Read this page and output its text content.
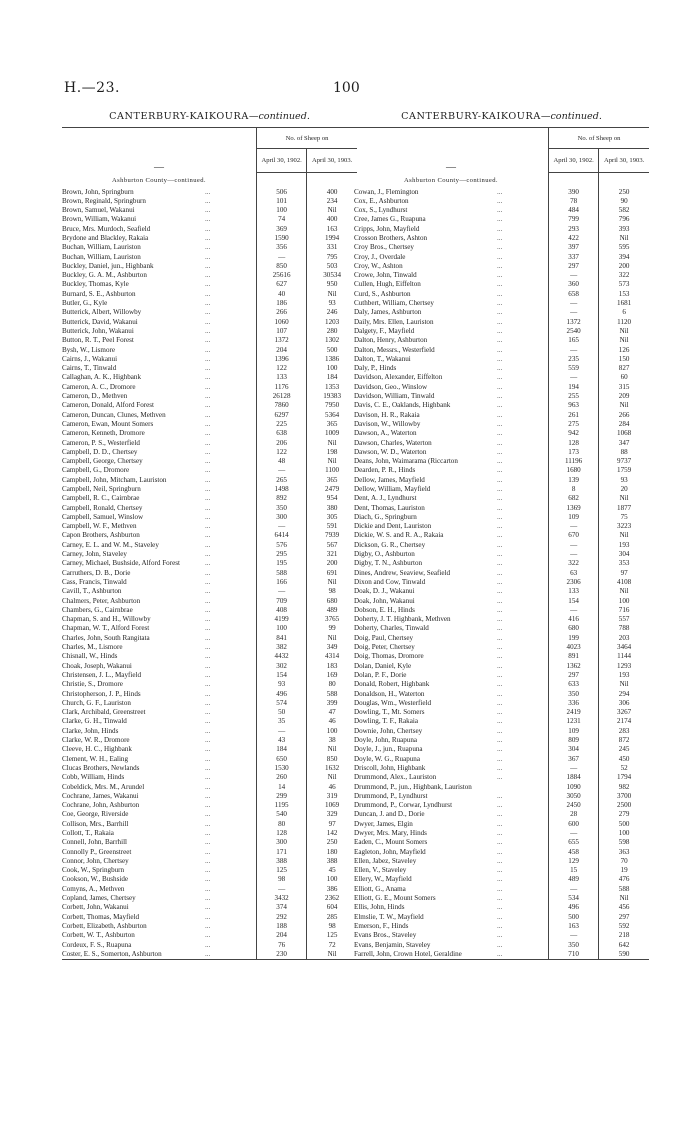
H.—23.	100
CANTERBURY-KAIKOURA—continued.
—		No. of Sheep on	
		April 30, 1902.	April 30, 1903.
Ashburton County—continued.			
Brown, John, Springburn	...	506	400
Brown, Reginald, Springburn	...	101	234
Brown, Samuel, Wakanui	...	100	Nil
Brown, William, Wakanui	...	74	400
Bruce, Mrs. Murdoch, Seafield	...	369	163
Brydone and Blackley, Rakaia	...	1590	1994
Buchan, William, Lauriston	...	356	331
Buchan, William, Lauriston	...	—	795
Buckley, Daniel, jun., Highbank	...	850	503
Buckley, G. A. M., Ashburton	...	25616	30534
Buckley, Thomas, Kyle	...	627	950
Burnard, S. E., Ashburton	...	40	Nil
Butler, G., Kyle	...	186	93
Butterick, Albert, Willowby	...	266	246
Butterick, David, Wakanui	...	1060	1203
Butterick, John, Wakanui	...	107	280
Button, R. T., Peel Forest	...	1372	1302
Bysh, W., Lismore	...	204	500
Cairns, J., Wakanui	...	1396	1386
Cairns, T., Tinwald	...	122	100
Callaghan, A. K., Highbank	...	133	184
Cameron, A. C., Dromore	...	1176	1353
Cameron, D., Methven	...	26128	19383
Cameron, Donald, Alford Forest	...	7860	7950
Cameron, Duncan, Clunes, Methven	...	6297	5364
Cameron, Ewan, Mount Somers	...	225	365
Cameron, Kenneth, Dromore	...	638	1009
Cameron, P. S., Westerfield	...	206	Nil
Campbell, D. D., Chertsey	...	122	198
Campbell, George, Chertsey	...	48	Nil
Campbell, G., Dromore	...	—	1100
Campbell, John, Mitcham, Lauriston	...	265	365
Campbell, Neil, Springburn	...	1498	2479
Campbell, R. C., Cairnbrae	...	892	954
Campbell, Ronald, Chertsey	...	350	380
Campbell, Samuel, Winslow	...	300	305
Campbell, W. F., Methven	...	—	591
Capon Brothers, Ashburton	...	6414	7939
Carney, E. L. and W. M., Staveley	...	576	567
Carney, John, Staveley	...	295	321
Carney, Michael, Bushside, Alford Forest	...	195	200
Carruthers, D. B., Dorie	...	588	691
Cass, Francis, Tinwald	...	166	Nil
Cavill, T., Ashburton	...	—	98
Chalmers, Peter, Ashburton	...	709	680
Chambers, G., Cairnbrae	...	408	489
Chapman, S. and H., Willowby	...	4199	3765
Chapman, W. T., Alford Forest	...	100	99
Charles, John, South Rangitata	...	841	Nil
Charles, M., Lismore	...	382	349
Chisnall, W., Hinds	...	4432	4314
Choak, Joseph, Wakanui	...	302	183
Christensen, J. L., Mayfield	...	154	169
Christie, S., Dromore	...	93	80
Christopherson, J. P., Hinds	...	496	588
Church, G. F., Lauriston	...	574	399
Clark, Archibald, Greenstreet	...	50	47
Clarke, G. H., Tinwald	...	35	46
Clarke, John, Hinds	...	—	100
Clarke, W. R., Dromore	...	43	38
Cleeve, H. C., Highbank	...	184	Nil
Clement, W. H., Ealing	...	650	850
Clucas Brothers, Newlands	...	1530	1632
Cobb, William, Hinds	...	260	Nil
Cobeldick, Mrs. M., Arundel	...	14	46
Cochrane, James, Wakanui	...	299	319
Cochrane, John, Ashburton	...	1195	1069
Coe, George, Riverside	...	540	329
Collison, Mrs., Barrhill	...	80	97
Collott, T., Rakaia	...	128	142
Connell, John, Barrhill	...	300	250
Connolly P., Greenstreet	...	171	180
Connor, John, Chertsey	...	388	388
Cook, W., Springburn	...	125	45
Cookson, W., Bushside	...	98	100
Comyns, A., Methven	...	—	386
Copland, James, Chertsey	...	3432	2362
Corbett, John, Wakanui	...	374	604
Corbett, Thomas, Mayfield	...	292	285
Corbett, Elizabeth, Ashburton	...	188	98
Corbett, W. T., Ashburton	...	204	125
Cordeux, F. S., Ruapuna	...	76	72
Coster, E. S., Somerton, Ashburton	...	230	Nil
CANTERBURY-KAIKOURA—continued.
—		No. of Sheep on	
		April 30, 1902.	April 30, 1903.
Ashburton County—continued.			
Cowan, J., Flemington	...	390	250
Cox, E., Ashburton	...	78	90
Cox, S., Lyndhurst	...	484	582
Cree, James G., Ruapuna	...	799	796
Cripps, John, Mayfield	...	293	393
Crosson Brothers, Ashton	...	422	Nil
Croy Bros., Chertsey	...	397	595
Croy, J., Overdale	...	337	394
Croy, W., Ashton	...	297	200
Crowe, John, Tinwald	...	—	322
Cullen, Hugh, Eiffelton	...	360	573
Curd, S., Ashburton	...	658	153
Cuthbert, William, Chertsey	...	—	1681
Daly, James, Ashburton	...	—	6
Daily, Mrs. Ellen, Lauriston	...	1372	1120
Dalgety, F., Mayfield	...	2540	Nil
Dalton, Henry, Ashburton	...	165	Nil
Dalton, Messrs., Westerfield	...	—	126
Dalton, T., Wakanui	...	235	150
Daly, P., Hinds	...	559	827
Davidson, Alexander, Eiffelton	...	—	60
Davidson, Geo., Winslow	...	194	315
Davidson, William, Tinwald	...	255	209
Davis, C. E., Oaklands, Highbank	...	963	Nil
Davison, H. R., Rakaia	...	261	266
Davison, W., Willowby	...	275	284
Dawson, A., Waterton	...	942	1068
Dawson, Charles, Waterton	...	128	347
Dawson, W. D., Waterton	...	173	88
Deans, John, Waimarama (Riccarton	...	11196	9737
Dearden, P. R., Hinds	...	1680	1759
Dellow, James, Mayfield	...	139	93
Dellow, William, Mayfield	...	8	20
Dent, A. J., Lyndhurst	...	682	Nil
Dent, Thomas, Lauriston	...	1369	1877
Diach, G., Springburn	...	109	75
Dickie and Dent, Lauriston	...	—	3223
Dickie, W. S. and R. A., Rakaia	...	670	Nil
Dickson, G. R., Chertsey	...	—	193
Digby, O., Ashburton	...	—	304
Digby, T. N., Ashburton	...	322	353
Dines, Andrew, Seaview, Seafield	...	63	97
Dixon and Cow, Tinwald	...	2306	4108
Doak, D. J., Wakanui	...	133	Nil
Doak, John, Wakanui	...	154	100
Dobson, E. H., Hinds	...	—	716
Doherty, J. T. Highbank, Methven	...	416	557
Doherty, Charles, Tinwald	...	680	788
Doig, Paul, Chertsey	...	199	203
Doig, Peter, Chertsey	...	4023	3464
Doig, Thomas, Dromore	...	891	1144
Dolan, Daniel, Kyle	...	1362	1293
Dolan, P. F., Dorie	...	297	193
Donald, Robert, Highbank	...	633	Nil
Donaldson, H., Waterton	...	350	294
Douglas, Wm., Westerfield	...	336	306
Dowling, T., Mt. Somers	...	2419	3267
Dowling, T. F., Rakaia	...	1231	2174
Downie, John, Chertsey	...	109	283
Doyle, John, Ruapuna	...	809	872
Doyle, J., jun., Ruapuna	...	304	245
Doyle, W. G., Ruapuna	...	367	450
Driscoll, John, Highbank	...	—	52
Drummond, Alex., Lauriston	...	1884	1794
Drummond, P., jun., Highbank, Lauriston		1090	982
Drummond, P., Lyndhurst	...	3050	3700
Drummond, P., Corwar, Lyndhurst	...	2450	2500
Duncan, J. and D., Dorie	...	28	279
Dwyer, James, Elgin	...	600	500
Dwyer, Mrs. Mary, Hinds	...	—	100
Eaden, C., Mount Somers	...	655	598
Eagleton, John, Mayfield	...	458	363
Ellen, Jabez, Staveley	...	129	70
Ellen, V., Staveley	...	15	19
Ellery, W., Mayfield	...	489	476
Elliott, G., Anama	...	—	588
Elliott, G. E., Mount Somers	...	534	Nil
Ellis, John, Hinds	...	496	456
Elmslie, T. W., Mayfield	...	500	297
Emerson, F., Hinds	...	163	592
Evans Bros., Staveley	...	—	218
Evans, Benjamin, Staveley	...	350	642
Farrell, John, Crown Hotel, Geraldine	...	710	590
